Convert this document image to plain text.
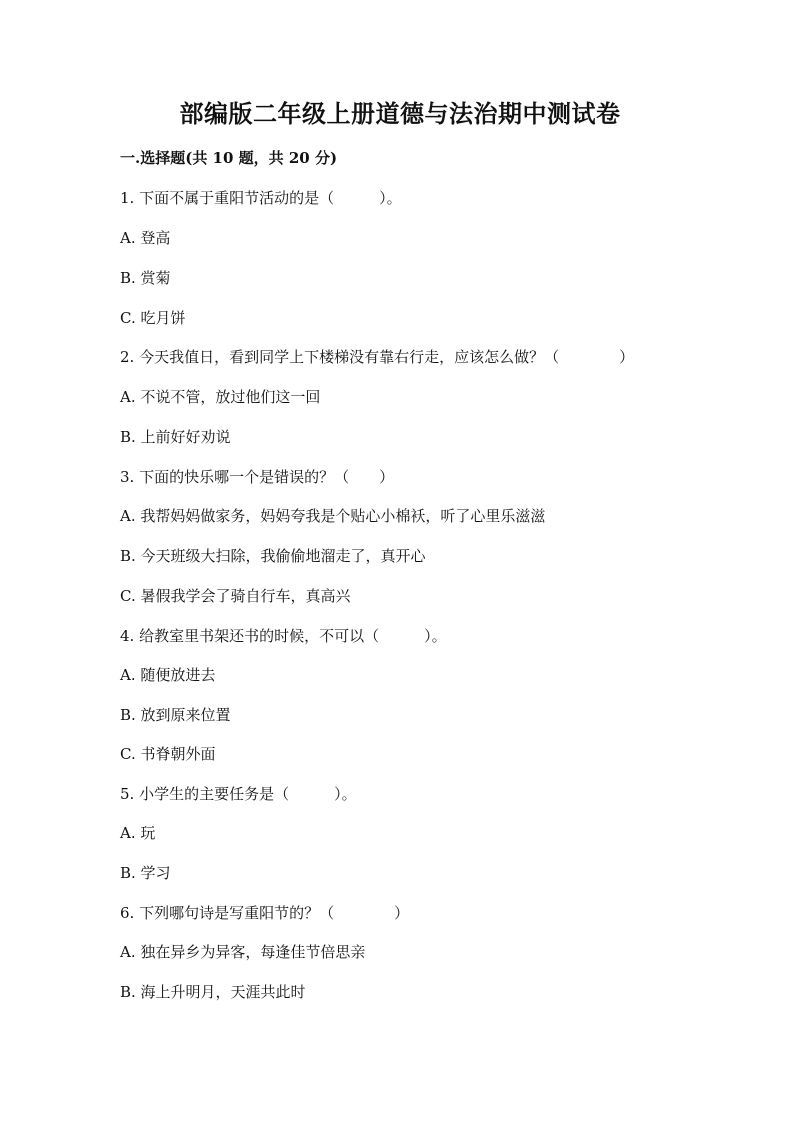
部编版二年级上册道德与法治期中测试卷
一.选择题(共 10 题，共 20 分)
1. 下面不属于重阳节活动的是（　　　）。
A. 登高
B. 赏菊
C. 吃月饼
2. 今天我值日，看到同学上下楼梯没有靠右行走，应该怎么做？（　　　　）
A. 不说不管，放过他们这一回
B. 上前好好劝说
3. 下面的快乐哪一个是错误的？（　　）
A. 我帮妈妈做家务，妈妈夸我是个贴心小棉袄，听了心里乐滋滋
B. 今天班级大扫除，我偷偷地溜走了，真开心
C. 暑假我学会了骑自行车，真高兴
4. 给教室里书架还书的时候，不可以（　　　）。
A. 随便放进去
B. 放到原来位置
C. 书脊朝外面
5. 小学生的主要任务是（　　　）。
A. 玩
B. 学习
6. 下列哪句诗是写重阳节的？（　　　　）
A. 独在异乡为异客，每逢佳节倍思亲
B. 海上升明月，天涯共此时
